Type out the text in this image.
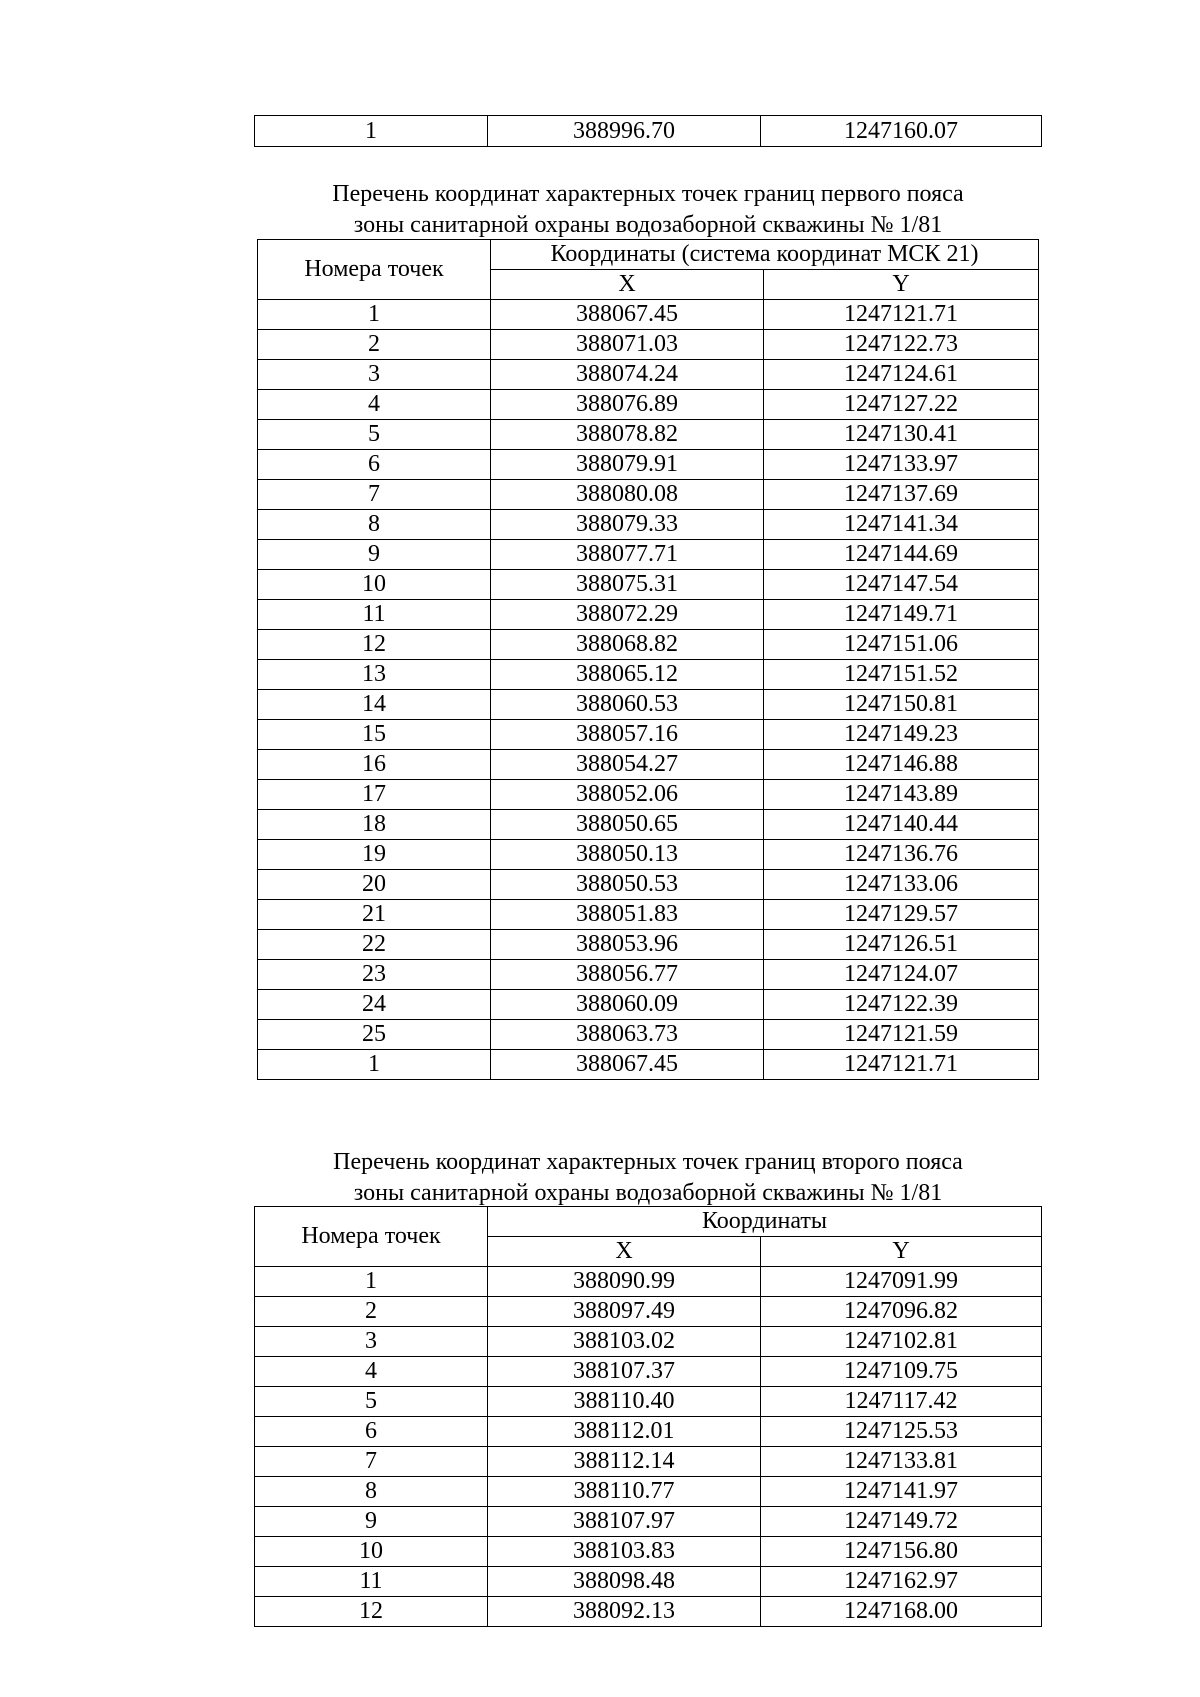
1	388996.70	1247160.07
Перечень координат характерных точек границ первого пояса
зоны санитарной охраны водозаборной скважины № 1/81
Номера точек	Координаты (система координат МСК 21)	
	X	Y
1	388067.45	1247121.71
2	388071.03	1247122.73
3	388074.24	1247124.61
4	388076.89	1247127.22
5	388078.82	1247130.41
6	388079.91	1247133.97
7	388080.08	1247137.69
8	388079.33	1247141.34
9	388077.71	1247144.69
10	388075.31	1247147.54
11	388072.29	1247149.71
12	388068.82	1247151.06
13	388065.12	1247151.52
14	388060.53	1247150.81
15	388057.16	1247149.23
16	388054.27	1247146.88
17	388052.06	1247143.89
18	388050.65	1247140.44
19	388050.13	1247136.76
20	388050.53	1247133.06
21	388051.83	1247129.57
22	388053.96	1247126.51
23	388056.77	1247124.07
24	388060.09	1247122.39
25	388063.73	1247121.59
1	388067.45	1247121.71
Перечень координат характерных точек границ второго пояса
зоны санитарной охраны водозаборной скважины № 1/81
Номера точек	Координаты	
	X	Y
1	388090.99	1247091.99
2	388097.49	1247096.82
3	388103.02	1247102.81
4	388107.37	1247109.75
5	388110.40	1247117.42
6	388112.01	1247125.53
7	388112.14	1247133.81
8	388110.77	1247141.97
9	388107.97	1247149.72
10	388103.83	1247156.80
11	388098.48	1247162.97
12	388092.13	1247168.00
